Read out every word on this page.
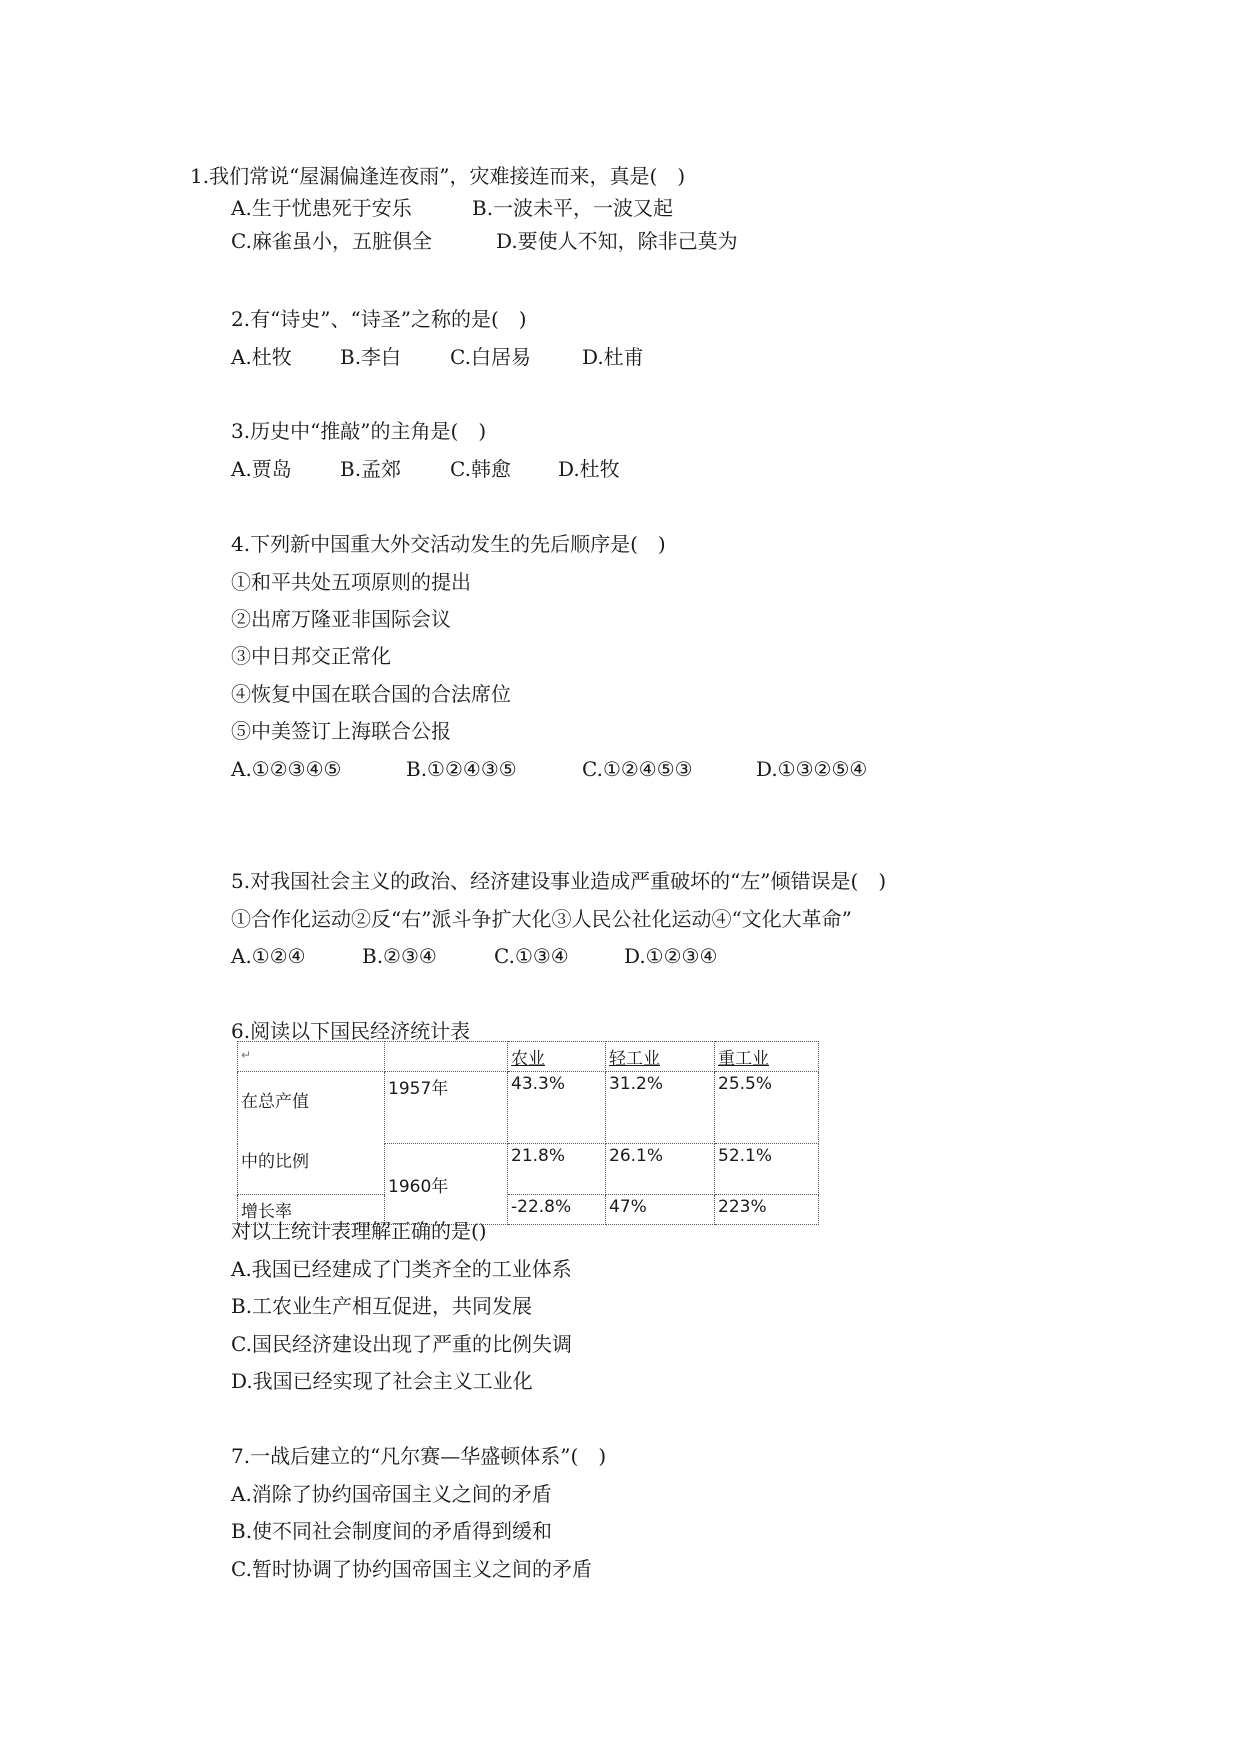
1.我们常说“屋漏偏逢连夜雨”，灾难接连而来，真是(　)
A.生于忧患死于安乐	B.一波未平，一波又起
C.麻雀虽小，五脏俱全	D.要使人不知，除非己莫为
2.有“诗史”、“诗圣”之称的是(　)
A.杜牧 B.李白 C.白居易	D.杜甫
3.历史中“推敲”的主角是(　)
A.贾岛 B.孟郊 C.韩愈 D.杜牧
4.下列新中国重大外交活动发生的先后顺序是(　)
①和平共处五项原则的提出
②出席万隆亚非国际会议
③中日邦交正常化
④恢复中国在联合国的合法席位
⑤中美签订上海联合公报
A.①②③④⑤	B.①②④③⑤	C.①②④⑤③	D.①③②⑤④
5.对我国社会主义的政治、经济建设事业造成严重破坏的“左”倾错误是(　)
①合作化运动②反“右”派斗争扩大化③人民公社化运动④“文化大革命”
A.①②④	B.②③④	C.①③④	D.①②③④
6.阅读以下国民经济统计表
↵		农业	轻工业	重工业

在总产值
中的比例	1957年	43.3%	31.2%	25.5%
	1960年	21.8%	26.1%	52.1%
增长率		-22.8%	47%	223%
对以上统计表理解正确的是()
A.我国已经建成了门类齐全的工业体系
B.工农业生产相互促进，共同发展
C.国民经济建设出现了严重的比例失调
D.我国已经实现了社会主义工业化
7.一战后建立的“凡尔赛—华盛顿体系”(　)
A.消除了协约国帝国主义之间的矛盾
B.使不同社会制度间的矛盾得到缓和
C.暂时协调了协约国帝国主义之间的矛盾
